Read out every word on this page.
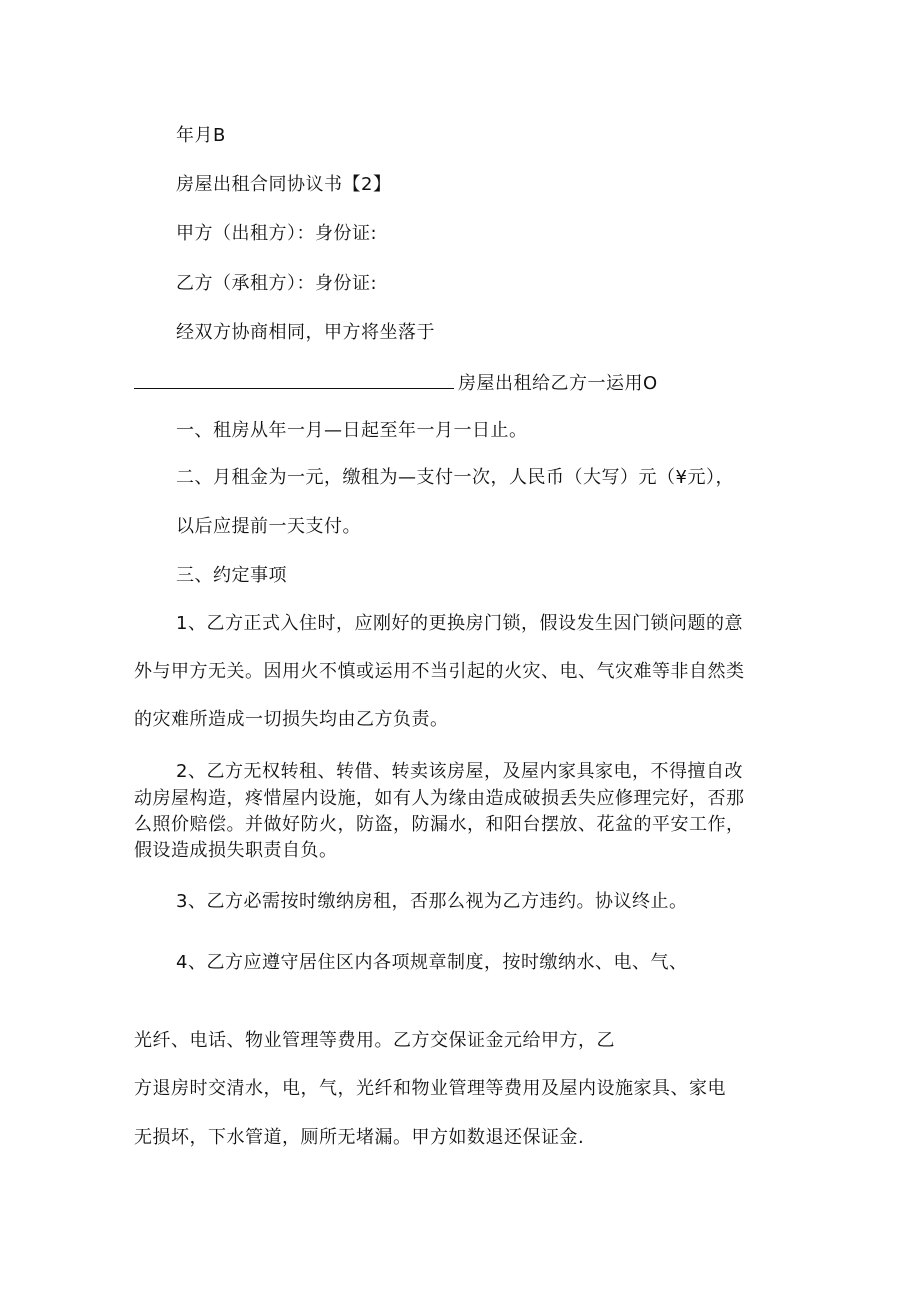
年月B
房屋出租合同协议书【2】
甲方（出租方）：身份证:
乙方（承租方）：身份证:
经双方协商相同，甲方将坐落于
房屋出租给乙方一运用O
一、租房从年一月—日起至年一月一日止。
二、月租金为一元，缴租为—支付一次，人民币（大写）元（¥元），
以后应提前一天支付。
三、约定事项
1、乙方正式入住时，应刚好的更换房门锁，假设发生因门锁问题的意
外与甲方无关。因用火不慎或运用不当引起的火灾、电、气灾难等非自然类
的灾难所造成一切损失均由乙方负责。
2、乙方无权转租、转借、转卖该房屋，及屋内家具家电，不得擅自改
动房屋构造，疼惜屋内设施，如有人为缘由造成破损丢失应修理完好，否那
么照价赔偿。并做好防火，防盗，防漏水，和阳台摆放、花盆的平安工作，
假设造成损失职责自负。
3、乙方必需按时缴纳房租，否那么视为乙方违约。协议终止。
4、乙方应遵守居住区内各项规章制度，按时缴纳水、电、气、
光纤、电话、物业管理等费用。乙方交保证金元给甲方，乙
方退房时交清水，电，气，光纤和物业管理等费用及屋内设施家具、家电
无损坏，下水管道，厕所无堵漏。甲方如数退还保证金.
